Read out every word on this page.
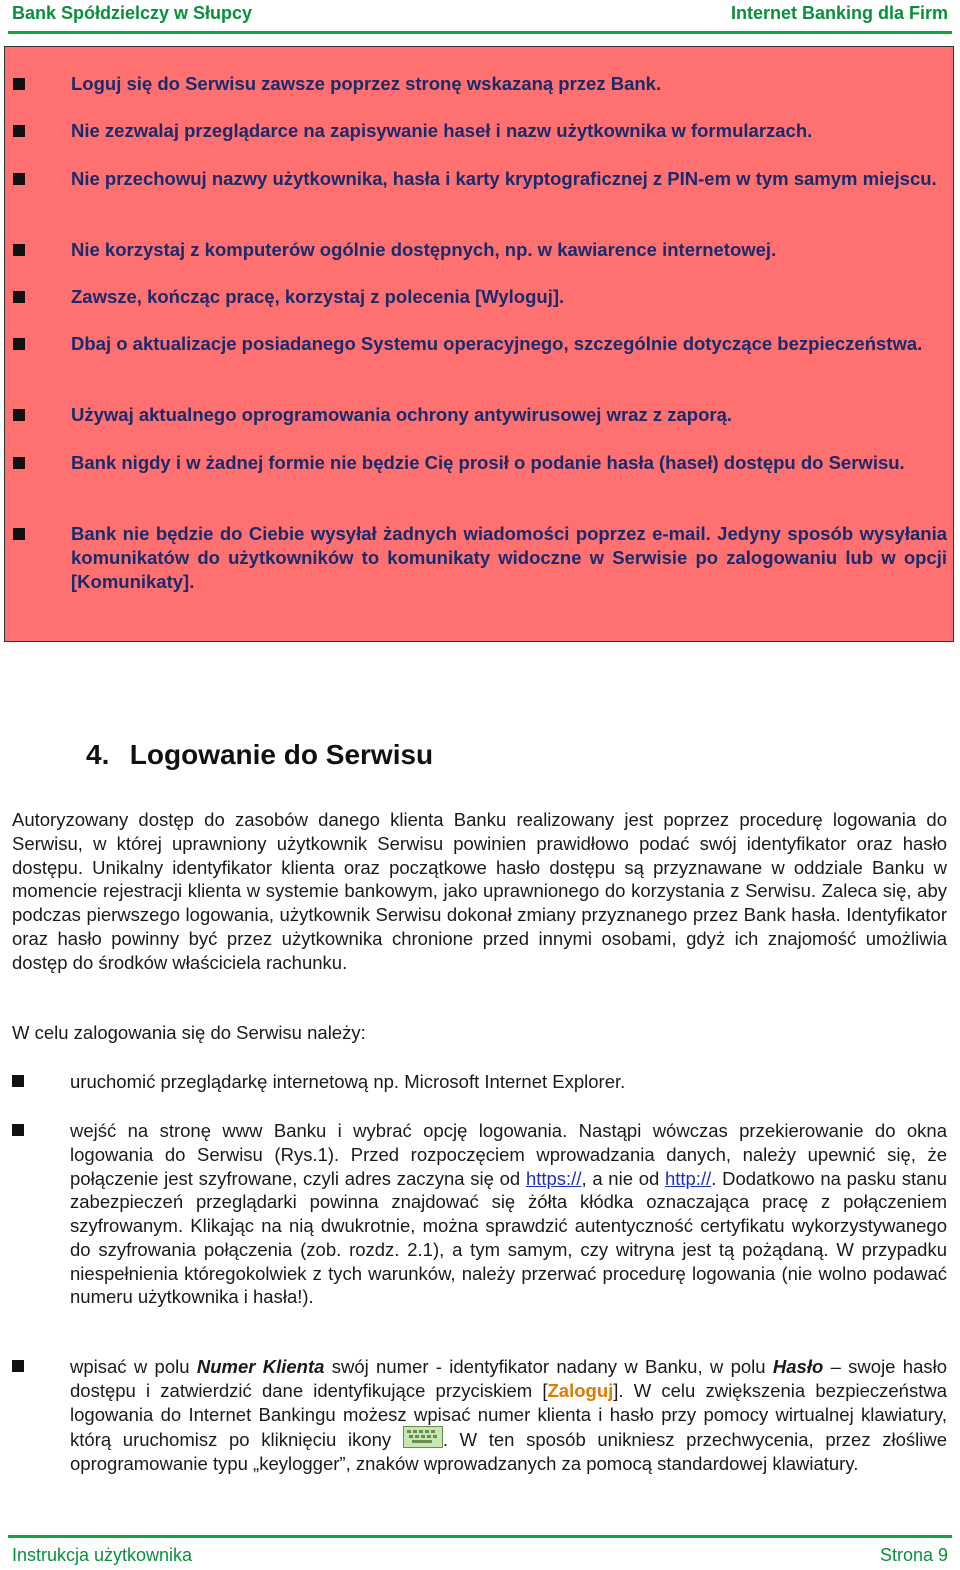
Bank Spółdzielczy w Słupcy	Internet Banking dla Firm
Loguj się do Serwisu zawsze poprzez stronę wskazaną przez Bank.
Nie zezwalaj przeglądarce na zapisywanie haseł i nazw użytkownika w formularzach.
Nie przechowuj nazwy użytkownika, hasła i karty kryptograficznej z PIN-em w tym samym miejscu.
Nie korzystaj z komputerów ogólnie dostępnych, np. w kawiarence internetowej.
Zawsze, kończąc pracę, korzystaj z polecenia [Wyloguj].
Dbaj o aktualizacje posiadanego Systemu operacyjnego, szczególnie dotyczące bezpieczeństwa.
Używaj aktualnego oprogramowania ochrony antywirusowej wraz z zaporą.
Bank nigdy i w żadnej formie nie będzie Cię prosił o podanie hasła (haseł) dostępu do Serwisu.
Bank nie będzie do Ciebie wysyłał żadnych wiadomości poprzez e-mail. Jedyny sposób wysyłania komunikatów do użytkowników to komunikaty widoczne w Serwisie po zalogowaniu lub w opcji [Komunikaty].
4. Logowanie do Serwisu

Autoryzowany dostęp do zasobów danego klienta Banku realizowany jest poprzez procedurę logowania do Serwisu, w której uprawniony użytkownik Serwisu powinien prawidłowo podać swój identyfikator oraz hasło dostępu. Unikalny identyfikator klienta oraz początkowe hasło dostępu są przyznawane w oddziale Banku w momencie rejestracji klienta w systemie bankowym, jako uprawnionego do korzystania z Serwisu. Zaleca się, aby podczas pierwszego logowania, użytkownik Serwisu dokonał zmiany przyznanego przez Bank hasła. Identyfikator oraz hasło powinny być przez użytkownika chronione przed innymi osobami, gdyż ich znajomość umożliwia dostęp do środków właściciela rachunku.

W celu zalogowania się do Serwisu należy:

uruchomić przeglądarkę internetową np. Microsoft Internet Explorer.
wejść na stronę www Banku i wybrać opcję logowania. Nastąpi wówczas przekierowanie do okna logowania do Serwisu (Rys.1). Przed rozpoczęciem wprowadzania danych, należy upewnić się, że połączenie jest szyfrowane, czyli adres zaczyna się od https://, a nie od http://. Dodatkowo na pasku stanu zabezpieczeń przeglądarki powinna znajdować się żółta kłódka oznaczająca pracę z połączeniem szyfrowanym. Klikając na nią dwukrotnie, można sprawdzić autentyczność certyfikatu wykorzystywanego do szyfrowania połączenia (zob. rozdz. 2.1), a tym samym, czy witryna jest tą pożądaną. W przypadku niespełnienia któregokolwiek z tych warunków, należy przerwać procedurę logowania (nie wolno podawać numeru użytkownika i hasła!).
wpisać w polu Numer Klienta swój numer - identyfikator nadany w Banku, w polu Hasło – swoje hasło dostępu i zatwierdzić dane identyfikujące przyciskiem [Zaloguj]. W celu zwiększenia bezpieczeństwa logowania do Internet Bankingu możesz wpisać numer klienta i hasło przy pomocy wirtualnej klawiatury, którą uruchomisz po kliknięciu ikony
. W ten sposób unikniesz przechwycenia, przez złośliwe oprogramowanie typu „keylogger”, znaków wprowadzanych za pomocą standardowej klawiatury.
Instrukcja użytkownika	Strona 9
